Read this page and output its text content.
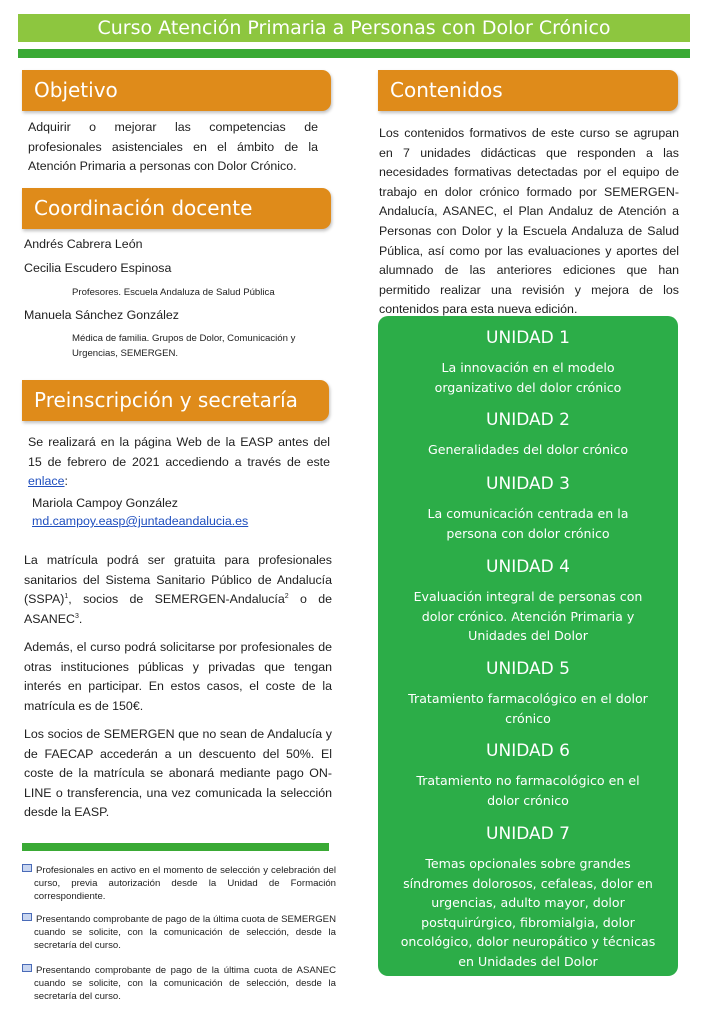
Curso Atención Primaria a Personas con Dolor Crónico
Objetivo
Adquirir o mejorar las competencias de profesionales asistenciales en el ámbito de la Atención Primaria a personas con Dolor Crónico.
Coordinación docente
Andrés Cabrera León
Cecilia Escudero Espinosa
Profesores. Escuela Andaluza de Salud Pública
Manuela Sánchez González
Médica de familia. Grupos de Dolor, Comunicación y Urgencias, SEMERGEN.
Preinscripción y secretaría
Se realizará en la página Web de la EASP antes del 15 de febrero de 2021 accediendo a través de este enlace:
Mariola Campoy González
md.campoy.easp@juntadeandalucia.es
La matrícula podrá ser gratuita para profesionales sanitarios del Sistema Sanitario Público de Andalucía (SSPA)$^1$, socios de SEMERGEN-Andalucía$^2$ o de ASANEC$^3$.
Además, el curso podrá solicitarse por profesionales de otras instituciones públicas y privadas que tengan interés en participar. En estos casos, el coste de la matrícula es de 150€.
Los socios de SEMERGEN que no sean de Andalucía y de FAECAP accederán a un descuento del 50%. El coste de la matrícula se abonará mediante pago ON-LINE o transferencia, una vez comunicada la selección desde la EASP.
Profesionales en activo en el momento de selección y celebración del curso, previa autorización desde la Unidad de Formación correspondiente.
Presentando comprobante de pago de la última cuota de SEMERGEN cuando se solicite, con la comunicación de selección, desde la secretaría del curso.
Presentando comprobante de pago de la última cuota de ASANEC cuando se solicite, con la comunicación de selección, desde la secretaría del curso.
Contenidos
Los contenidos formativos de este curso se agrupan en 7 unidades didácticas que responden a las necesidades formativas detectadas por el equipo de trabajo en dolor crónico formado por SEMERGEN-Andalucía, ASANEC, el Plan Andaluz de Atención a Personas con Dolor y la Escuela Andaluza de Salud Pública, así como por las evaluaciones y aportes del alumnado de las anteriores ediciones que han permitido realizar una revisión y mejora de los contenidos para esta nueva edición.
UNIDAD 1
La innovación en el modelo organizativo del dolor crónico
UNIDAD 2
Generalidades del dolor crónico
UNIDAD 3
La comunicación centrada en la persona con dolor crónico
UNIDAD 4
Evaluación integral de personas con dolor crónico. Atención Primaria y Unidades del Dolor
UNIDAD 5
Tratamiento farmacológico en el dolor crónico
UNIDAD 6
Tratamiento no farmacológico en el dolor crónico
UNIDAD 7
Temas opcionales sobre grandes síndromes dolorosos, cefaleas, dolor en urgencias, adulto mayor, dolor postquirúrgico, fibromialgia, dolor oncológico, dolor neuropático y técnicas en Unidades del Dolor
